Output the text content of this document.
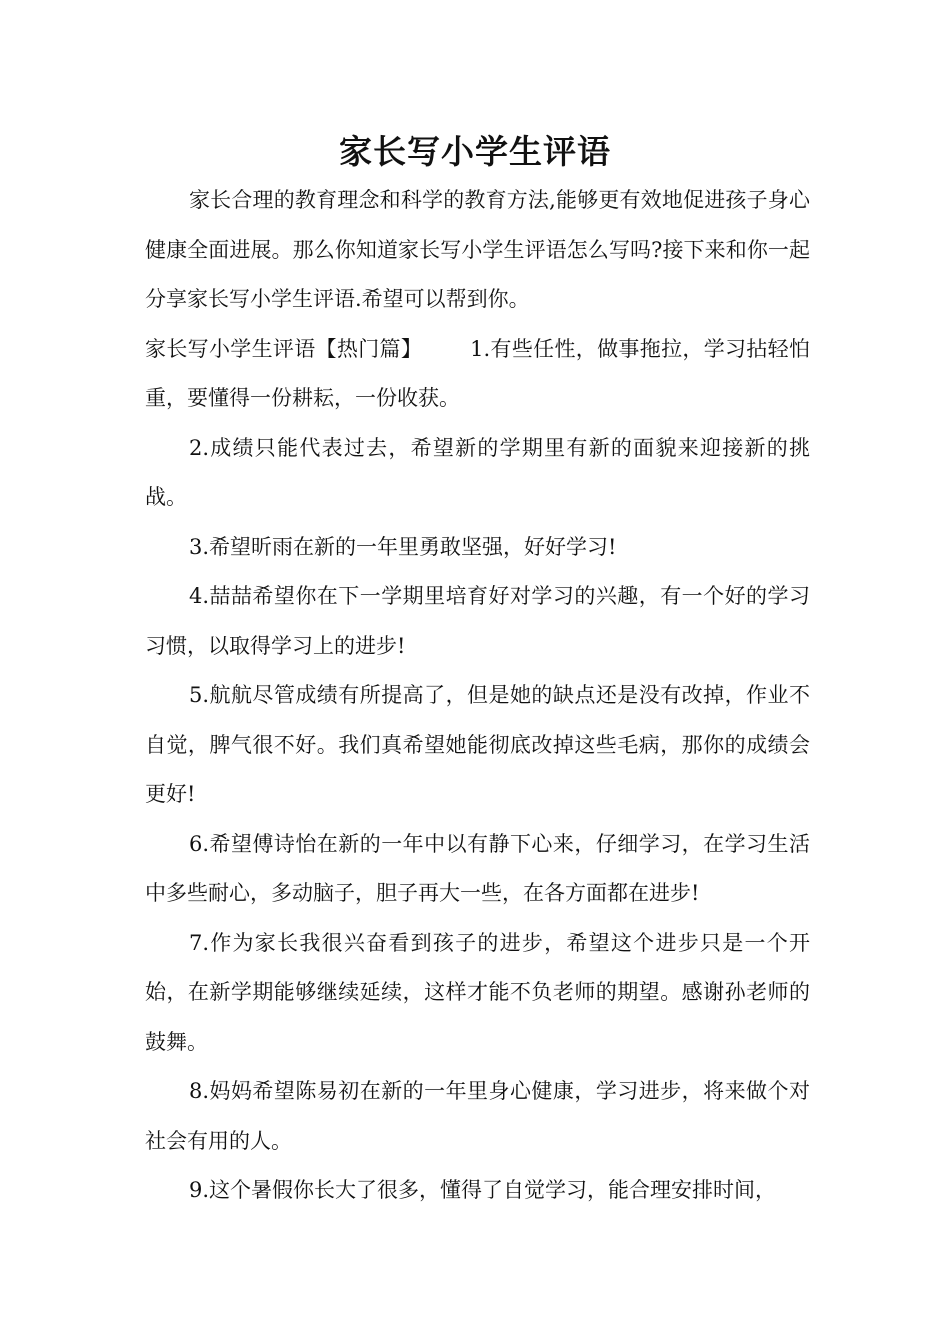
家长写小学生评语

家长合理的教育理念和科学的教育方法,能够更有效地促进孩子身心健康全面进展。那么你知道家长写小学生评语怎么写吗?接下来和你一起分享家长写小学生评语.希望可以帮到你。

家长写小学生评语【热门篇】 1.有些任性，做事拖拉，学习拈轻怕重，要懂得一份耕耘，一份收获。

2.成绩只能代表过去，希望新的学期里有新的面貌来迎接新的挑战。

3.希望昕雨在新的一年里勇敢坚强，好好学习!

4.喆喆希望你在下一学期里培育好对学习的兴趣，有一个好的学习习惯，以取得学习上的进步!

5.航航尽管成绩有所提高了，但是她的缺点还是没有改掉，作业不自觉，脾气很不好。我们真希望她能彻底改掉这些毛病，那你的成绩会更好!

6.希望傅诗怡在新的一年中以有静下心来，仔细学习，在学习生活中多些耐心，多动脑子，胆子再大一些，在各方面都在进步!

7.作为家长我很兴奋看到孩子的进步，希望这个进步只是一个开始，在新学期能够继续延续，这样才能不负老师的期望。感谢孙老师的鼓舞。

8.妈妈希望陈易初在新的一年里身心健康，学习进步，将来做个对社会有用的人。

9.这个暑假你长大了很多，懂得了自觉学习，能合理安排时间，
